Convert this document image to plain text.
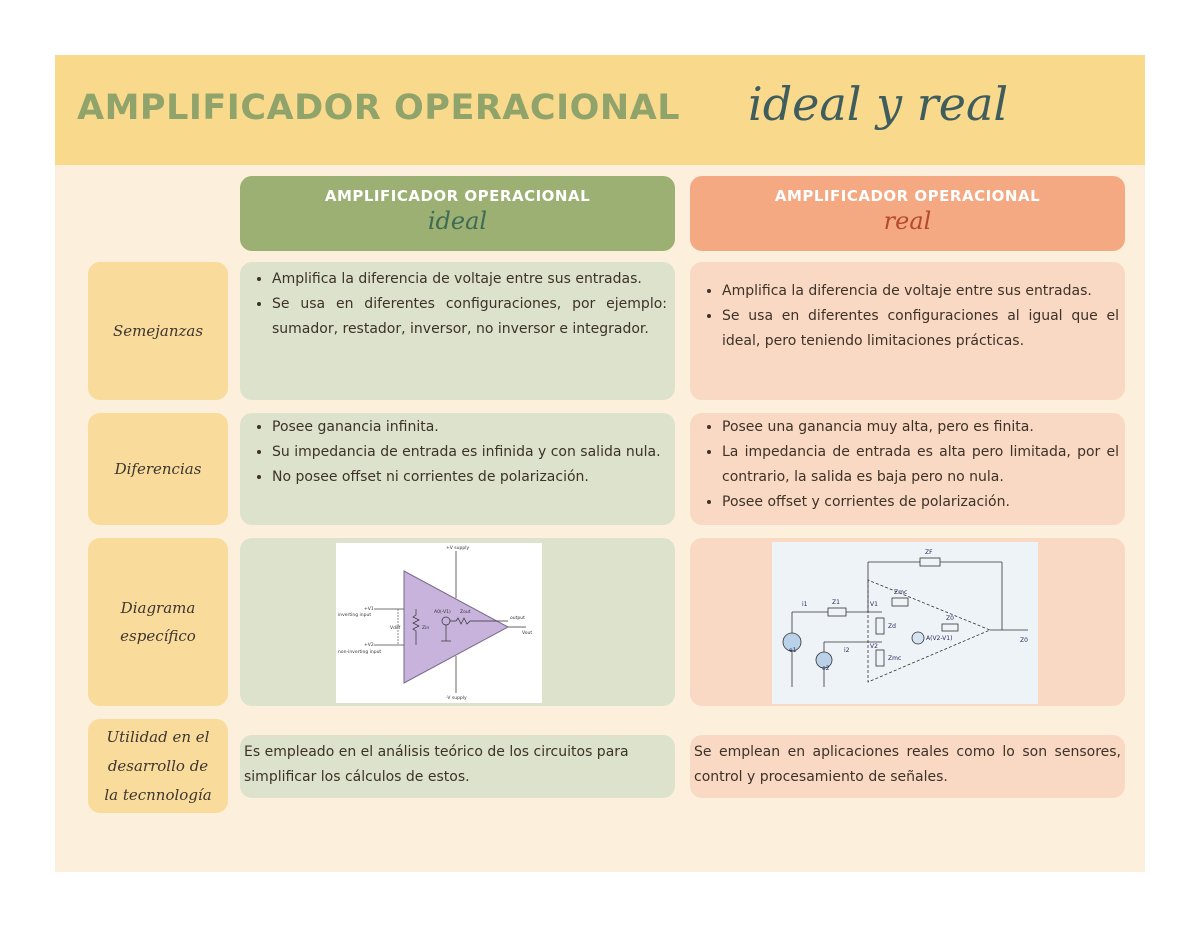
AMPLIFICADOR OPERACIONAL ideal y real
AMPLIFICADOR OPERACIONAL
ideal
AMPLIFICADOR OPERACIONAL
real
Semejanzas
• Amplifica la diferencia de voltaje entre sus entradas.
• Se usa en diferentes configuraciones, por ejemplo: sumador, restador, inversor, no inversor e integrador.
• Amplifica la diferencia de voltaje entre sus entradas.
• Se usa en diferentes configuraciones al igual que el ideal, pero teniendo limitaciones prácticas.
Diferencias
• Posee ganancia infinita.
• Su impedancia de entrada es infinida y con salida nula.
• No posee offset ni corrientes de polarización.
• Posee una ganancia muy alta, pero es finita.
• La impedancia de entrada es alta pero limitada, por el contrario, la salida es baja pero no nula.
• Posee offset y corrientes de polarización.
Diagrama
específico
+V supply
-V supply
+V1
+V2
inverting input
non-inverting input
Vdiff	Zin
A0(-V1) Zout
output
Vout
ZF
Z1
i1	V1
V2
i2
Zd
Zmc
Zmc
A(V2-V1)
Z0
Z0
e1
e2
Utilidad en el
desarrollo de
la tecnnología
Es empleado en el análisis teórico de los circuitos para simplificar los cálculos de estos.
Se emplean en aplicaciones reales como lo son sensores, control y procesamiento de señales.
